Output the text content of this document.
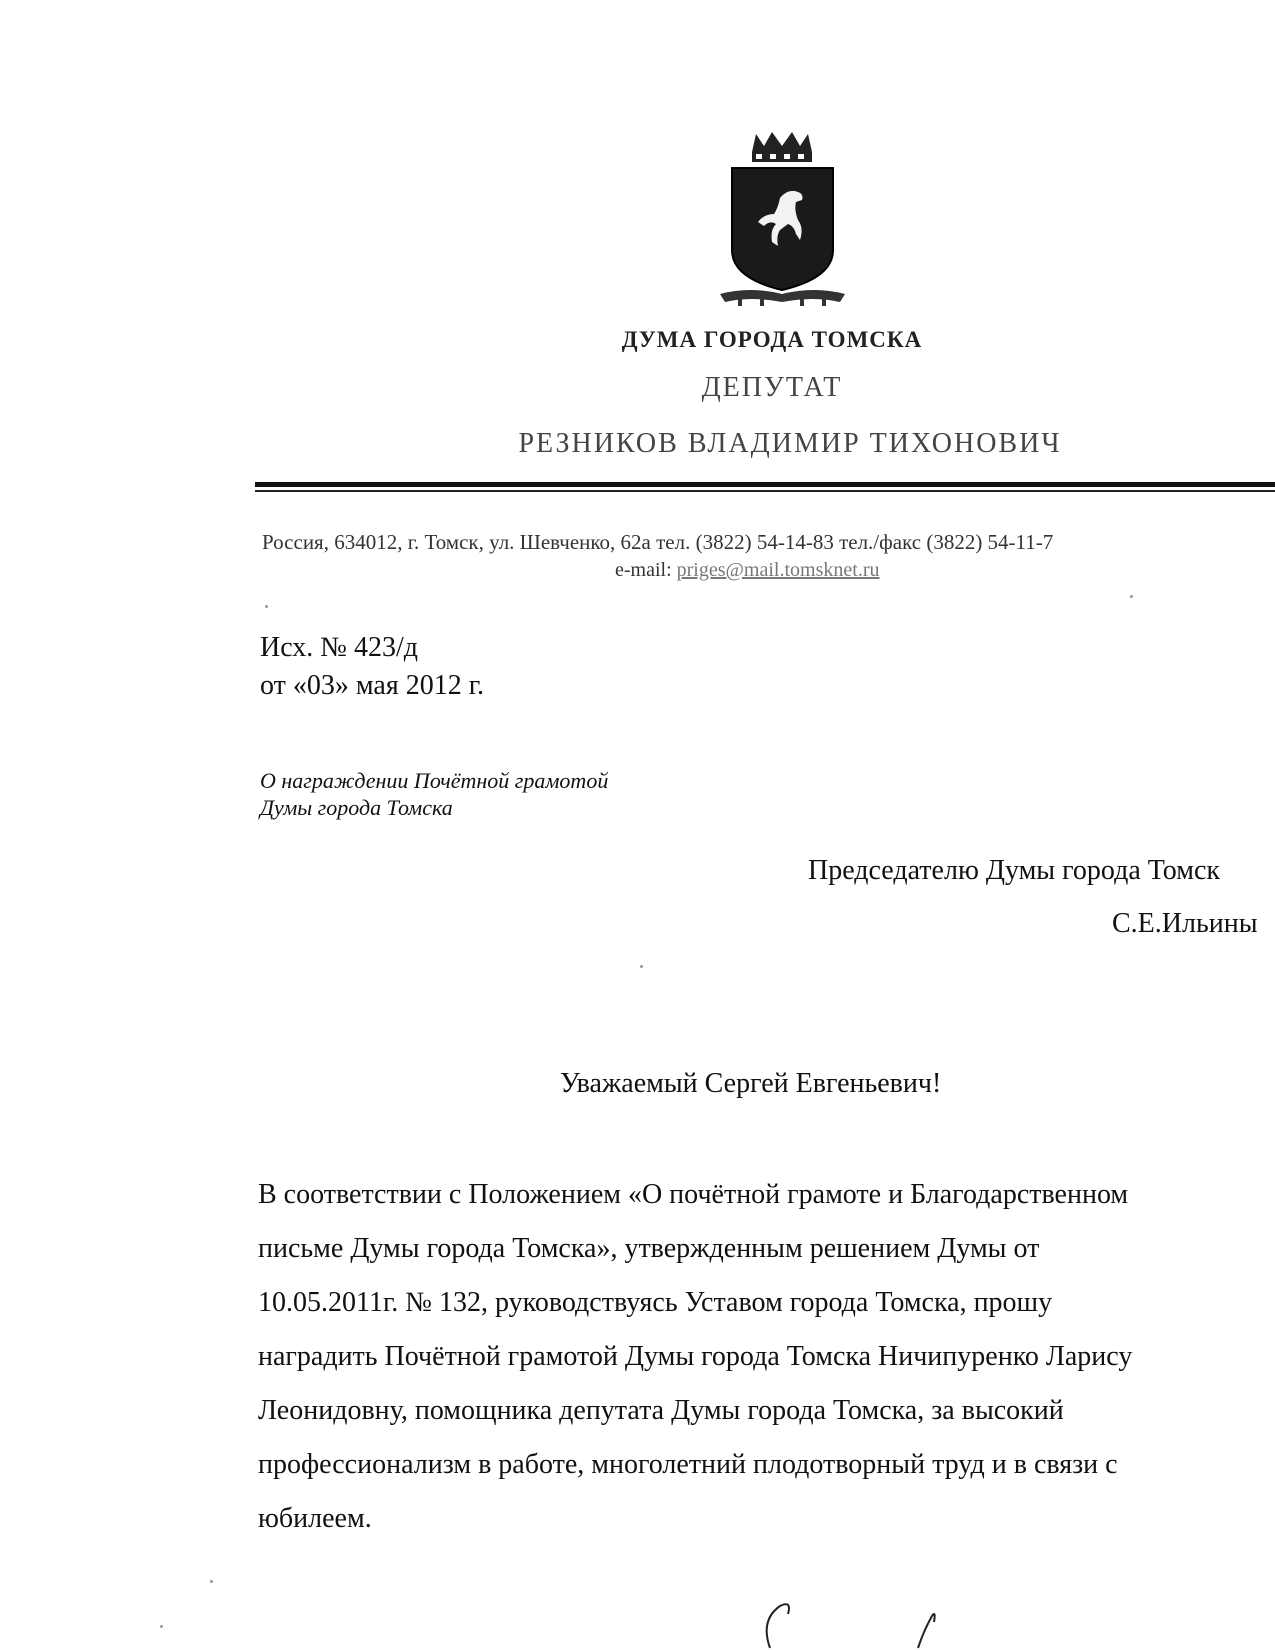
ДУМА ГОРОДА ТОМСКА
ДЕПУТАТ
РЕЗНИКОВ ВЛАДИМИР ТИХОНОВИЧ
Россия, 634012, г. Томск, ул. Шевченко, 62а тел. (3822) 54-14-83 тел./факс (3822) 54-11-7
e-mail: priges@mail.tomsknet.ru
Исх. № 423/д
от «03» мая 2012 г.
О награждении Почётной грамотой
Думы города Томска
Председателю Думы города Томск
С.Е.Ильины
Уважаемый Сергей Евгеньевич!
В соответствии с Положением «О почётной грамоте и Благодарственном
письме Думы города Томска», утвержденным решением Думы от
10.05.2011г. № 132, руководствуясь Уставом города Томска, прошу
наградить Почётной грамотой Думы города Томска Ничипуренко Ларису
Леонидовну, помощника депутата Думы города Томска, за высокий
профессионализм в работе, многолетний плодотворный труд и в связи с
юбилеем.
